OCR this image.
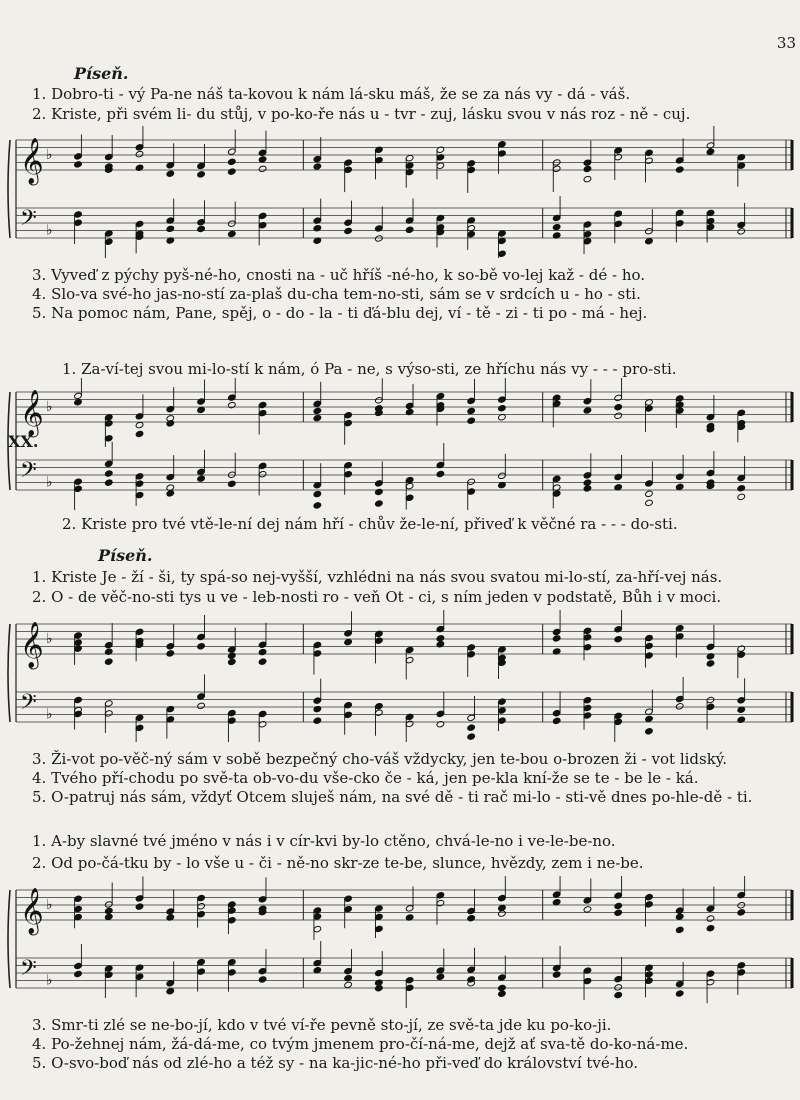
33
Píseň.
1. Dobro-ti - vý Pa-ne náš ta-kovou k nám lá-sku máš, že se za nás vy - dá - váš.
2. Kriste, při svém li- du stůj, v po-ko-ře nás u - tvr - zuj, lásku svou v nás roz - ně - cuj.
𝄞 ♭
𝄢 ♭
3. Vyveď z pýchy pyš-né-ho, cnosti na - uč hříš -né-ho, k so-bě vo-lej kaž - dé - ho.
4. Slo-va své-ho jas-no-stí za-plaš du-cha tem-no-sti, sám se v srdcích u - ho - sti.
5. Na pomoc nám, Pane, spěj, o - do - la - ti ďá-blu dej, ví - tě - zi - ti po - má - hej.
1. Za-ví-tej svou mi-lo-stí k nám, ó Pa - ne, s výso-sti, ze hříchu nás vy - - - pro-sti.
XX.
𝄞 ♭
𝄢 ♭
2. Kriste pro tvé vtě-le-ní dej nám hří - chův že-le-ní, přiveď k věčné ra - - - do-sti.
Píseň.
1. Kriste Je - ží - ši, ty spá-so nej-vyšší, vzhlédni na nás svou svatou mi-lo-stí, za-hří-vej nás.
2. O - de věč-no-sti tys u ve - leb-nosti ro - veň Ot - ci, s ním jeden v podstatě, Bůh i v moci.
𝄞 ♭
𝄢 ♭
3. Ži-vot po-věč-ný sám v sobě bezpečný cho-váš vždycky, jen te-bou o-brozen ži - vot lidský.
4. Tvého pří-chodu po svě-ta ob-vo-du vše-cko če - ká, jen pe-kla kní-že se te - be le - ká.
5. O-patruj nás sám, vždyť Otcem sluješ nám, na své dě - ti rač mi-lo - sti-vě dnes po-hle-dě - ti.
1. A-by slavné tvé jméno v nás i v cír-kvi by-lo ctěno, chvá-le-no i ve-le-be-no.
2. Od po-čá-tku by - lo vše u - či - ně-no skr-ze te-be, slunce, hvězdy, zem i ne-be.
𝄞 ♭
𝄢 ♭
3. Smr-ti zlé se ne-bo-jí, kdo v tvé ví-ře pevně sto-jí, ze svě-ta jde ku po-ko-ji.
4. Po-žehnej nám, žá-dá-me, co tvým jmenem pro-čí-ná-me, dejž ať sva-tě do-ko-ná-me.
5. O-svo-boď nás od zlé-ho a též sy - na ka-jic-né-ho při-veď do království tvé-ho.
